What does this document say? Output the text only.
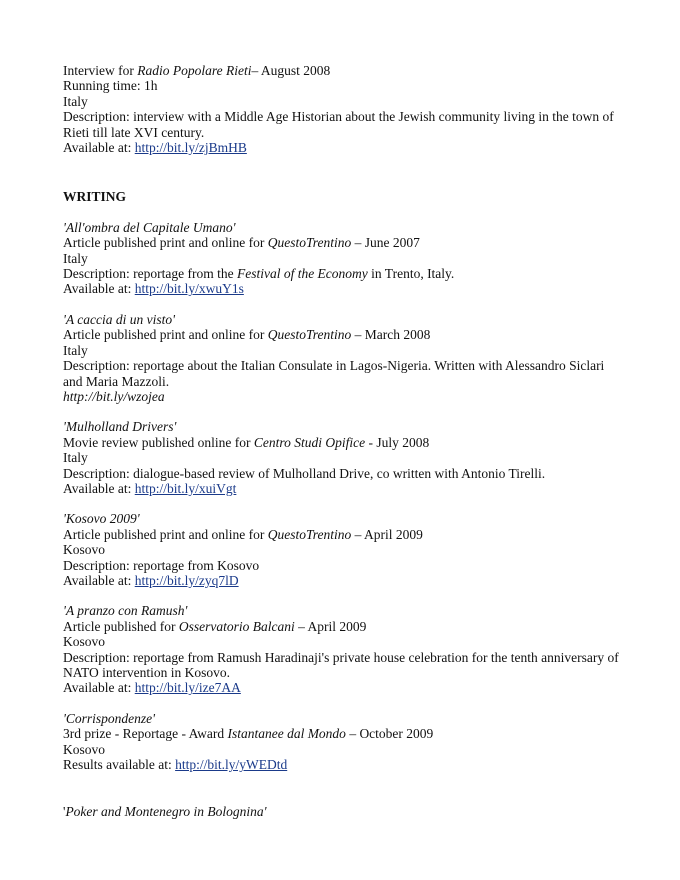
Interview for Radio Popolare Rieti– August 2008

Running time: 1h

Italy

Description: interview with a Middle Age Historian about the Jewish community living in the town of Rieti till late XVI century.

Available at: http://bit.ly/zjBmHB

WRITING

'All'ombra del Capitale Umano'

Article published print and online for QuestoTrentino – June 2007

Italy

Description: reportage from the Festival of the Economy in Trento, Italy.

Available at: http://bit.ly/xwuY1s

'A caccia di un visto'

Article published print and online for QuestoTrentino – March 2008

Italy

Description: reportage about the Italian Consulate in Lagos-Nigeria. Written with Alessandro Siclari and Maria Mazzoli.

http://bit.ly/wzojea

'Mulholland Drivers'

Movie review published online for Centro Studi Opifice - July 2008

Italy

Description: dialogue-based review of Mulholland Drive, co written with Antonio Tirelli.

Available at: http://bit.ly/xuiVgt

'Kosovo 2009'

Article published print and online for QuestoTrentino – April 2009

Kosovo

Description: reportage from Kosovo

Available at: http://bit.ly/zyq7lD

'A pranzo con Ramush'

Article published for Osservatorio Balcani – April 2009

Kosovo

Description: reportage from Ramush Haradinaji's private house celebration for the tenth anniversary of NATO intervention in Kosovo.

Available at: http://bit.ly/ize7AA

'Corrispondenze'

3rd prize - Reportage - Award Istantanee dal Mondo – October 2009

Kosovo

Results available at: http://bit.ly/yWEDtd

'Poker and Montenegro in Bolognina'
